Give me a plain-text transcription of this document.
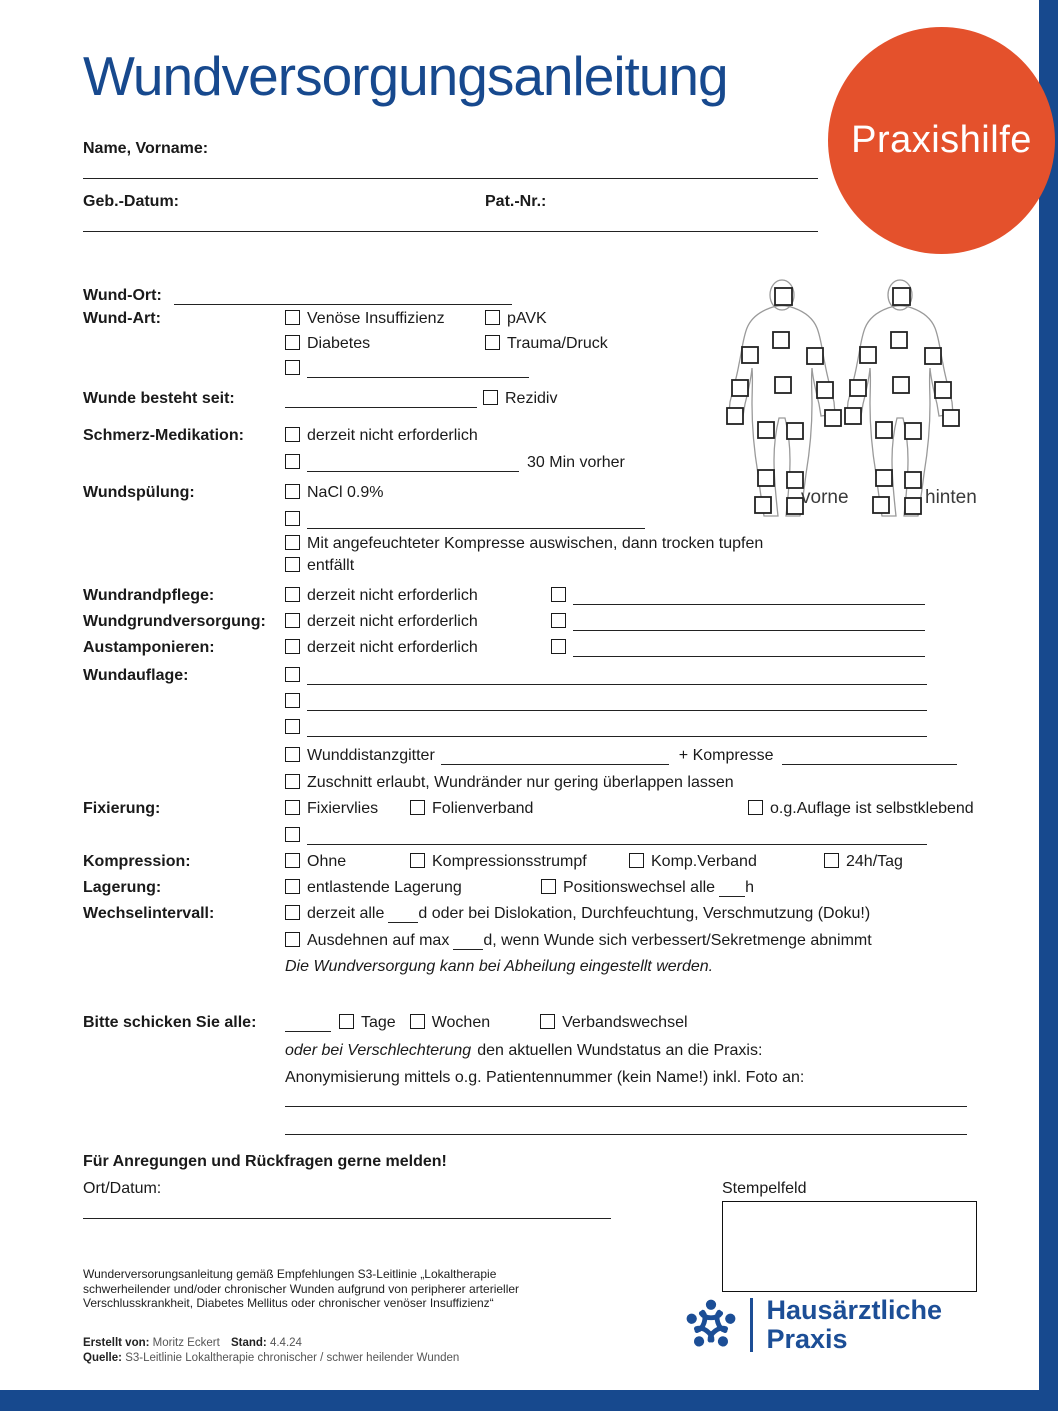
Wundversorgungsanleitung
Praxishilfe
Name, Vorname:
Geb.-Datum:	Pat.-Nr.:
vorne	hinten
Wund-Ort:
Wund-Art:	Venöse Insuffizienz	pAVK
Diabetes	Trauma/Druck
Wunde besteht seit:	Rezidiv
Schmerz-Medikation:	derzeit nicht erforderlich
30 Min vorher
Wundspülung:	NaCl 0.9%
Mit angefeuchteter Kompresse auswischen, dann trocken tupfen
entfällt
Wundrandpflege:	derzeit nicht erforderlich
Wundgrundversorgung:	derzeit nicht erforderlich
Austamponieren:	derzeit nicht erforderlich
Wundauflage:
Wunddistanzgitter	+ Kompresse
Zuschnitt erlaubt, Wundränder nur gering überlappen lassen
Fixierung:	Fixiervlies	Folienverband	o.g.Auflage ist selbstklebend
Kompression:	Ohne	Kompressionsstrumpf	Komp.Verband	24h/Tag
Lagerung:	entlastende Lagerung	Positionswechsel alle h
Wechselintervall:	derzeit alle d oder bei Dislokation, Durchfeuchtung, Verschmutzung (Doku!)
Ausdehnen auf max d, wenn Wunde sich verbessert/Sekretmenge abnimmt
Die Wundversorgung kann bei Abheilung eingestellt werden.
Bitte schicken Sie alle:	Tage Wochen	Verbandswechsel
oder bei Verschlechterung den aktuellen Wundstatus an die Praxis:
Anonymisierung mittels o.g. Patientennummer (kein Name!) inkl. Foto an:
Für Anregungen und Rückfragen gerne melden!
Ort/Datum:	Stempelfeld
Wunderversorungsanleitung gemäß Empfehlungen S3-Leitlinie „Lokaltherapie
schwerheilender und/oder chronischer Wunden aufgrund von peripherer arterieller
Verschlusskrankheit, Diabetes Mellitus oder chronischer venöser Insuffizienz“
Erstellt von: Moritz Eckert Stand: 4.4.24
Quelle: S3-Leitlinie Lokaltherapie chronischer / schwer heilender Wunden
Hausärztliche
Praxis
